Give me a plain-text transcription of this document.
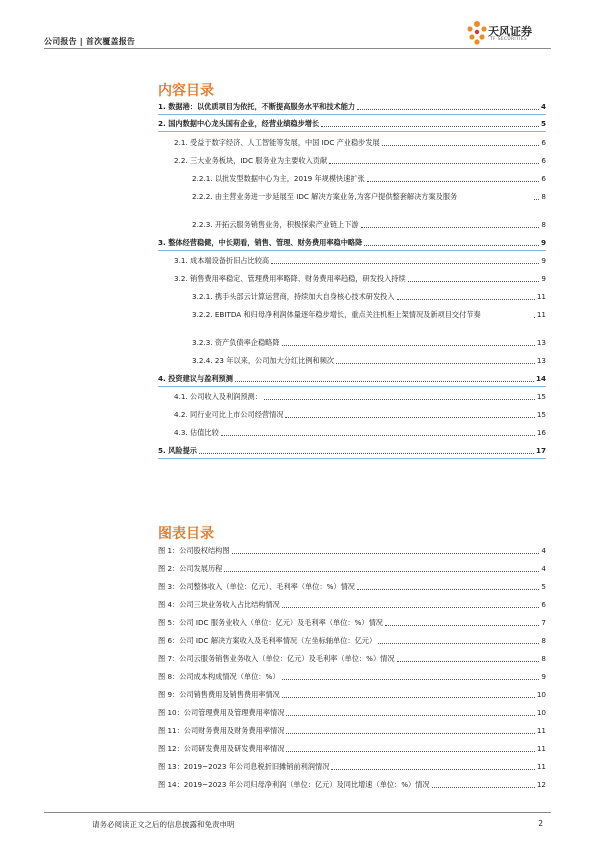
公司报告 | 首次覆盖报告
天风证券
TF SECURITIES
内容目录
1. 数据港：以优质项目为依托，不断提高服务水平和技术能力	4
2. 国内数据中心龙头国有企业，经营业绩稳步增长	5
2.1. 受益于数字经济、人工智能等发展，中国 IDC 产业稳步发展	6
2.2. 三大业务板块，IDC 服务业为主要收入贡献	6
2.2.1. 以批发型数据中心为主，2019 年规模快速扩张	6
2.2.2. 由主营业务进一步延展至 IDC 解决方案业务,为客户提供整套解决方案及服务	8
2.2.3. 开拓云服务销售业务，积极探索产业链上下游	8
3. 整体经营稳健，中长期看，销售、管理、财务费用率稳中略降	9
3.1. 成本端设备折旧占比较高	9
3.2. 销售费用率稳定、管理费用率略降、财务费用率趋稳，研发投入持续	9
3.2.1. 携手头部云计算运营商，持续加大自身核心技术研发投入	11
3.2.2. EBITDA 和归母净利润体量逐年稳步增长，重点关注机柜上架情况及新项目交付节奏	11
3.2.3. 资产负债率企稳略降	13
3.2.4. 23 年以来，公司加大分红比例和频次	13
4. 投资建议与盈利预测	14
4.1. 公司收入及利润预测：	15
4.2. 同行业可比上市公司经营情况	15
4.3. 估值比较	16
5. 风险提示	17
图表目录
图 1：公司股权结构图	4
图 2：公司发展历程	4
图 3：公司整体收入（单位：亿元）、毛利率（单位：%）情况	5
图 4：公司三块业务收入占比结构情况	6
图 5：公司 IDC 服务业收入（单位：亿元）及毛利率（单位：%）情况	7
图 6：公司 IDC 解决方案收入及毛利率情况（左坐标轴单位：亿元）	8
图 7：公司云服务销售业务收入（单位：亿元）及毛利率（单位：%）情况	8
图 8：公司成本构成情况（单位：%）	9
图 9：公司销售费用及销售费用率情况	10
图 10：公司管理费用及管理费用率情况	10
图 11：公司财务费用及财务费用率情况	11
图 12：公司研发费用及研发费用率情况	11
图 13：2019~2023 年公司息税折旧摊销前利润情况	11
图 14：2019~2023 年公司归母净利润（单位：亿元）及同比增速（单位：%）情况	12
请务必阅读正文之后的信息披露和免责申明	2
